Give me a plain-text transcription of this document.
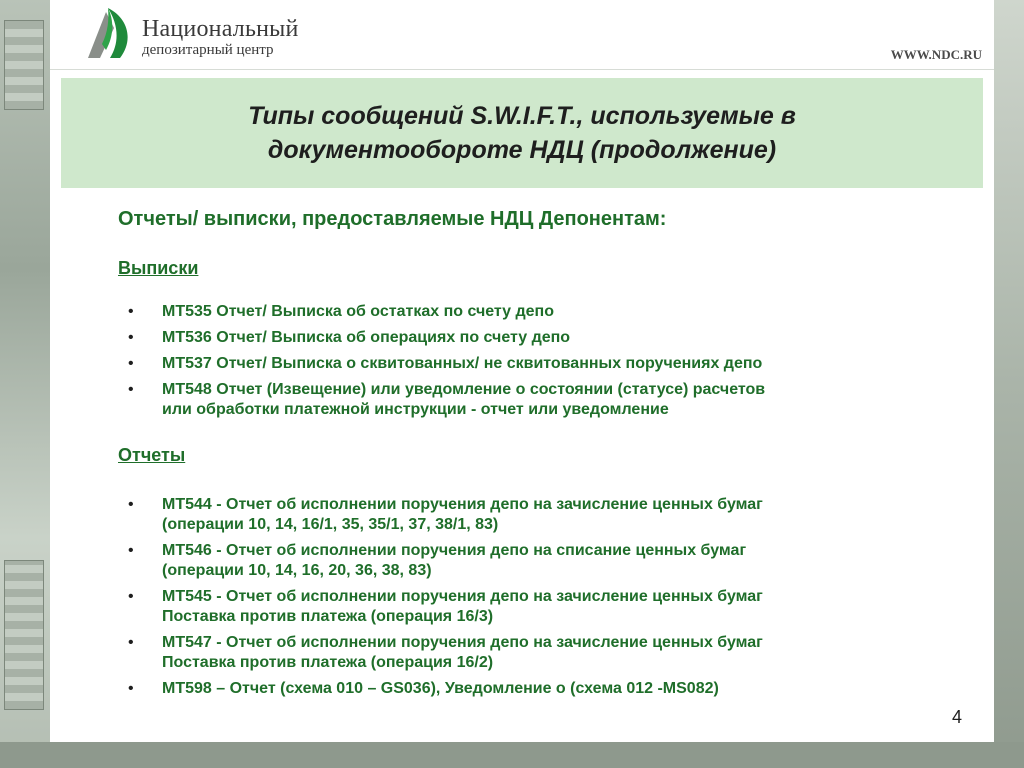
Национальный
депозитарный центр	WWW.NDC.RU
Типы сообщений S.W.I.F.T., используемые в документообороте НДЦ (продолжение)
Отчеты/ выписки, предоставляемые НДЦ Депонентам:
Выписки
• МТ535 Отчет/ Выписка об остатках по счету депо
• МТ536 Отчет/ Выписка об операциях по счету депо
• МТ537 Отчет/ Выписка о сквитованных/ не сквитованных поручениях депо
• МТ548 Отчет (Извещение) или уведомление о состоянии (статусе) расчетов
или обработки платежной инструкции - отчет или уведомление
Отчеты
• МТ544 - Отчет об исполнении поручения депо на зачисление ценных бумаг
(операции 10, 14, 16/1, 35, 35/1, 37, 38/1, 83)
• МТ546 - Отчет об исполнении поручения депо на списание ценных бумаг
(операции 10, 14, 16, 20, 36, 38, 83)
• МТ545 - Отчет об исполнении поручения депо на зачисление ценных бумаг
Поставка против платежа (операция 16/3)
• МТ547 - Отчет об исполнении поручения депо на зачисление ценных бумаг
Поставка против платежа (операция 16/2)
• МТ598 – Отчет (схема 010 – GS036), Уведомление о (схема 012 -MS082)
4
